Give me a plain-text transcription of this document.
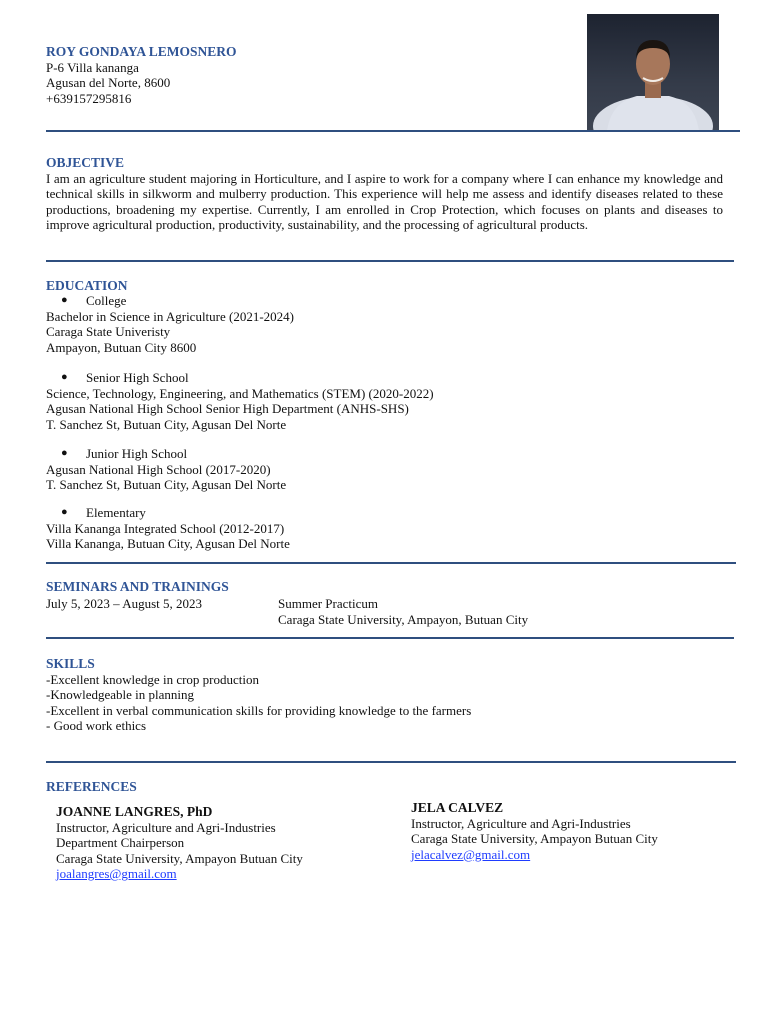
ROY GONDAYA LEMOSNERO
P-6 Villa kananga
Agusan del Norte, 8600
+639157295816
OBJECTIVE
I am an agriculture student majoring in Horticulture, and I aspire to work for a company where I can enhance my knowledge and technical skills in silkworm and mulberry production. This experience will help me assess and identify diseases related to these productions, broadening my expertise. Currently, I am enrolled in Crop Protection, which focuses on plants and diseases to improve agricultural production, productivity, sustainability, and the processing of agricultural products.
EDUCATION
● College
Bachelor in Science in Agriculture (2021-2024)
Caraga State Univeristy
Ampayon, Butuan City 8600
● Senior High School
Science, Technology, Engineering, and Mathematics (STEM) (2020-2022)
Agusan National High School Senior High Department (ANHS-SHS)
T. Sanchez St, Butuan City, Agusan Del Norte
● Junior High School
Agusan National High School (2017-2020)
T. Sanchez St, Butuan City, Agusan Del Norte
● Elementary
Villa Kananga Integrated School (2012-2017)
Villa Kananga, Butuan City, Agusan Del Norte
SEMINARS AND TRAININGS
July 5, 2023 – August 5, 2023	Summer Practicum
Caraga State University, Ampayon, Butuan City
SKILLS
-Excellent knowledge in crop production
-Knowledgeable in planning
-Excellent in verbal communication skills for providing knowledge to the farmers
- Good work ethics
REFERENCES
JOANNE LANGRES, PhD
Instructor, Agriculture and Agri-Industries
Department Chairperson
Caraga State University, Ampayon Butuan City
joalangres@gmail.com
JELA CALVEZ
Instructor, Agriculture and Agri-Industries
Caraga State University, Ampayon Butuan City
jelacalvez@gmail.com
